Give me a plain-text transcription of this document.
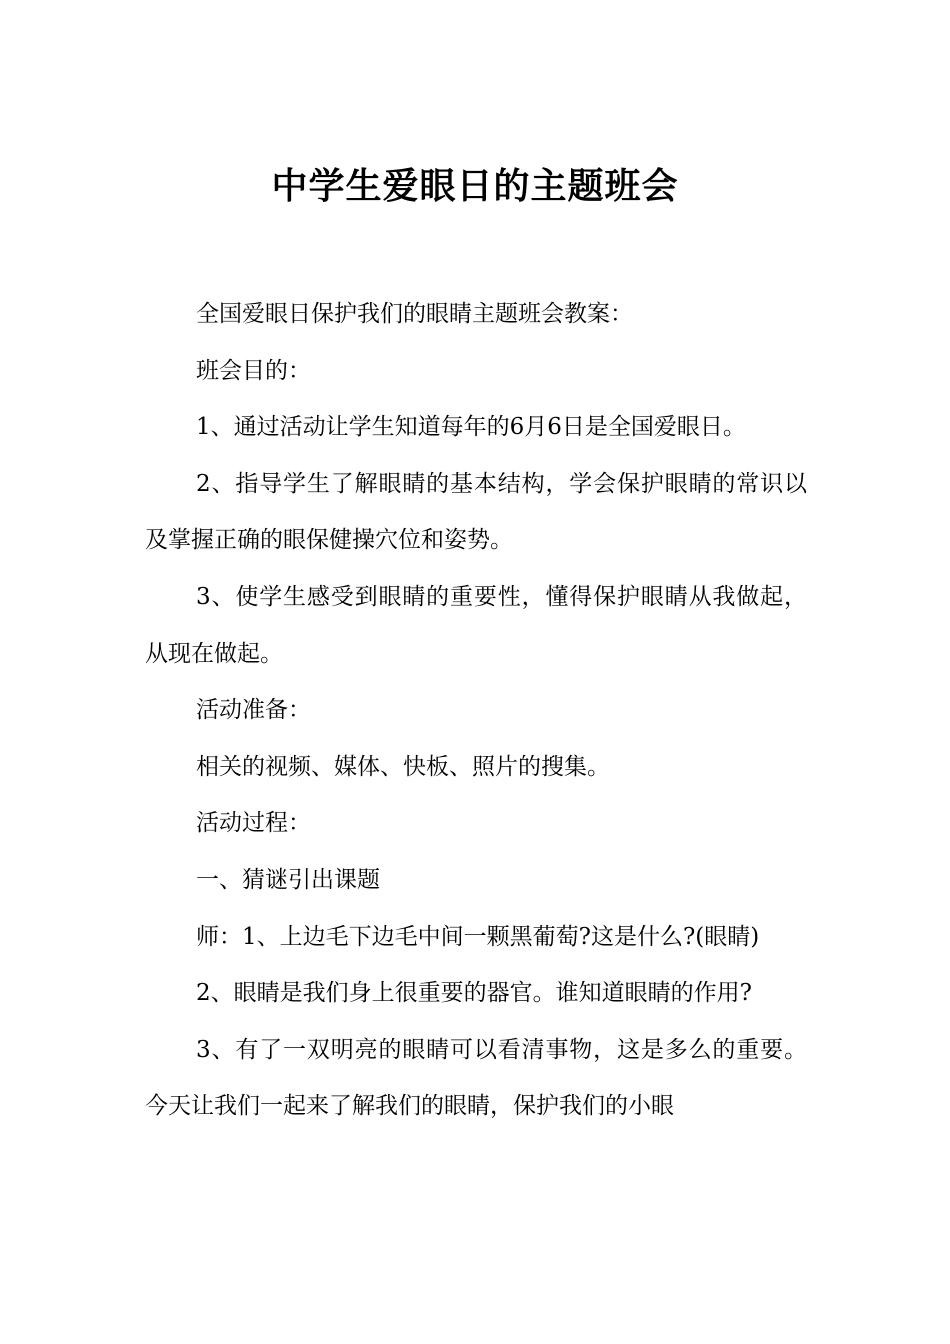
中学生爱眼日的主题班会

全国爱眼日保护我们的眼睛主题班会教案：

班会目的：

1、通过活动让学生知道每年的6月6日是全国爱眼日。

2、指导学生了解眼睛的基本结构，学会保护眼睛的常识以及掌握正确的眼保健操穴位和姿势。

3、使学生感受到眼睛的重要性，懂得保护眼睛从我做起，从现在做起。

活动准备：

相关的视频、媒体、快板、照片的搜集。

活动过程：

一、猜谜引出课题

师：1、上边毛下边毛中间一颗黑葡萄?这是什么?(眼睛)

2、眼睛是我们身上很重要的器官。谁知道眼睛的作用?

3、有了一双明亮的眼睛可以看清事物，这是多么的重要。今天让我们一起来了解我们的眼睛，保护我们的小眼
